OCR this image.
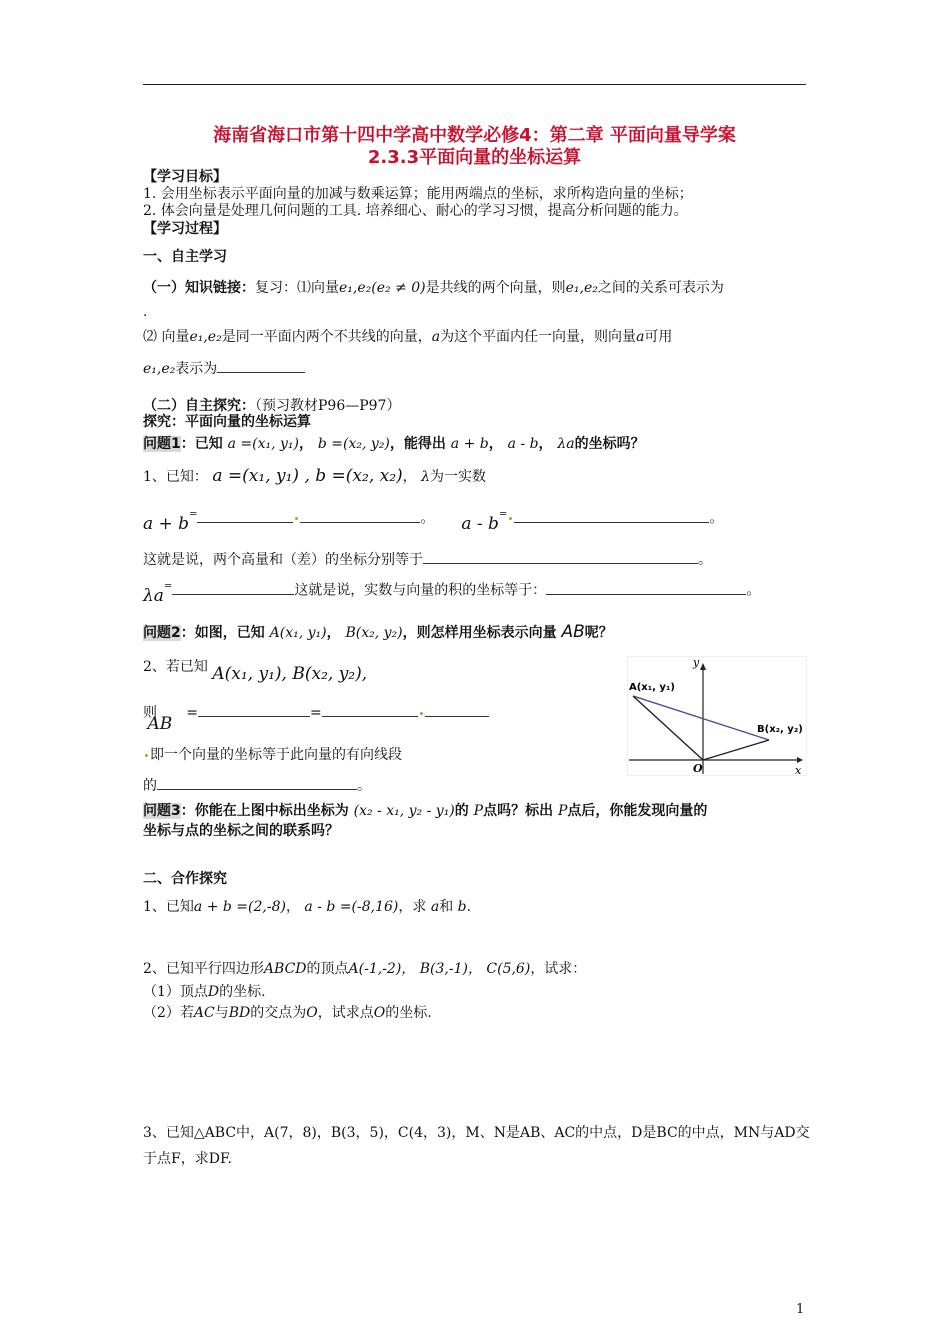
海南省海口市第十四中学高中数学必修4：第二章 平面向量导学案
2.3.3平面向量的坐标运算
【学习目标】
1. 会用坐标表示平面向量的加减与数乘运算；能用两端点的坐标，求所构造向量的坐标；
2. 体会向量是处理几何问题的工具. 培养细心、耐心的学习习惯，提高分析问题的能力。
【学习过程】
一、自主学习
（一）知识链接：复习：⑴向量e₁,e₂(e₂ ≠ 0)是共线的两个向量，则e₁,e₂之间的关系可表示为
.
⑵ 向量e₁,e₂是同一平面内两个不共线的向量，a为这个平面内任一向量，则向量a可用
e₁,e₂表示为
（二）自主探究：（预习教材P96—P97）
探究：平面向量的坐标运算
问题1：已知 a =(x₁, y₁)， b =(x₂, y₂)，能得出 a + b， a - b， λa的坐标吗？
1、已知： a =(x₁, y₁) , b =(x₂, x₂)， λ为一实数
a + b=	。 a - b=	。
这就是说，两个高量和（差）的坐标分别等于	。
λa=	这就是说，实数与向量的积的坐标等于：	。
问题2：如图，已知 A(x₁, y₁)， B(x₂, y₂)，则怎样用坐标表示向量 AB呢？
2、若已知 A(x₁, y₁), B(x₂, y₂),
则 AB=	=
即一个向量的坐标等于此向量的有向线段
的	。
A(x₁, y₁)
B(x₂, y₂)
O	x
y
问题3：你能在上图中标出坐标为 (x₂ - x₁, y₂ - y₁)的 P点吗？标出 P点后，你能发现向量的
坐标与点的坐标之间的联系吗？
二、合作探究
1、已知a + b =(2,-8)， a - b =(-8,16)，求 a和 b.
2、已知平行四边形ABCD的顶点A(-1,-2)， B(3,-1)， C(5,6)，试求：
（1）顶点D的坐标.
（2）若AC与BD的交点为O，试求点O的坐标.
3、已知△ABC中，A(7，8)，B(3，5)，C(4，3)，M、N是AB、AC的中点，D是BC的中点，MN与AD交
于点F，求DF.
1
